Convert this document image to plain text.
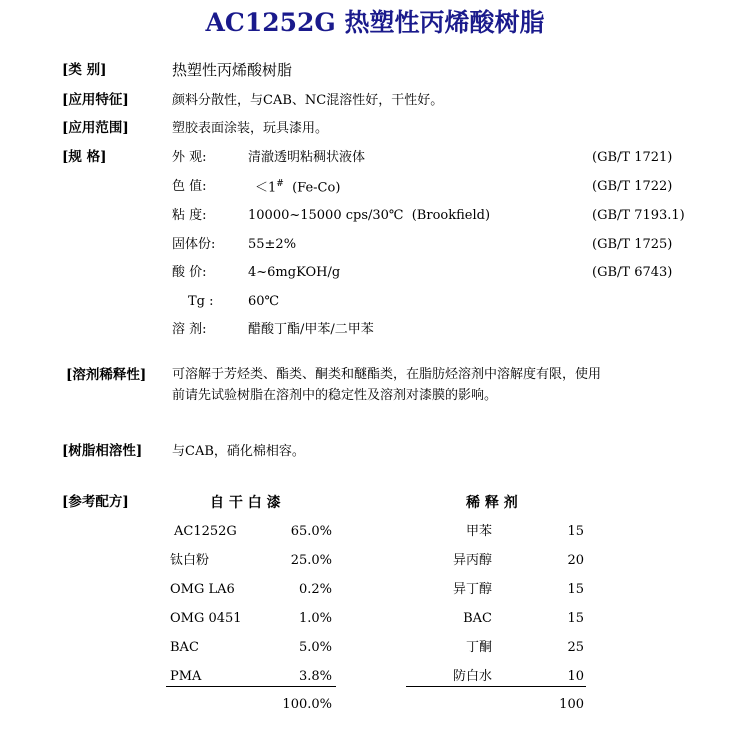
AC1252G 热塑性丙烯酸树脂
[类 别]	热塑性丙烯酸树脂
[应用特征]	颜料分散性，与CAB、NC混溶性好，干性好。
[应用范围]	塑胶表面涂装，玩具漆用。
[规 格]	外 观:	清澈透明粘稠状液体	(GB/T 1721)
色 值:	＜1#  (Fe-Co)	(GB/T 1722)
粘 度:	10000~15000 cps/30℃  (Brookfield)	(GB/T 7193.1)
固体份:	55±2%	(GB/T 1725)
酸 价:	4~6mgKOH/g	(GB/T 6743)
Tg :	60℃
溶 剂:	醋酸丁酯/甲苯/二甲苯
[溶剂稀释性] 可溶解于芳烃类、酯类、酮类和醚酯类，在脂肪烃溶剂中溶解度有限，使用
前请先试验树脂在溶剂中的稳定性及溶剂对漆膜的影响。
[树脂相溶性] 与CAB，硝化棉相容。
[参考配方]	自 干 白 漆	稀 释 剂
AC1252G	65.0%
钛白粉	25.0%
OMG LA6	0.2%
OMG 0451	1.0%
BAC	5.0%
PMA	3.8%
100.0%
甲苯	15
异丙醇	20
异丁醇	15
BAC	15
丁酮	25
防白水	10
100
